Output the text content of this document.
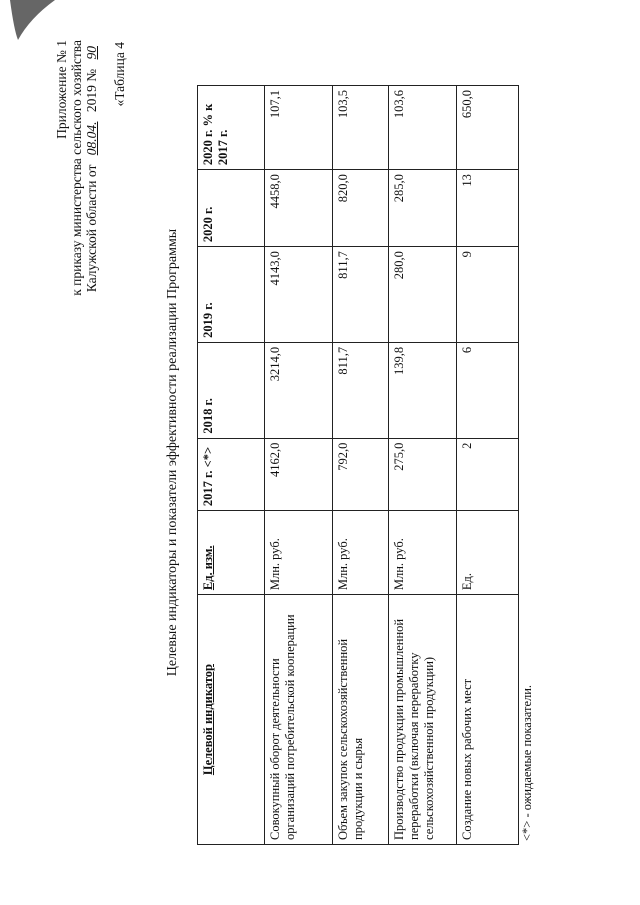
Приложение № 1 к приказу министерства сельского хозяйства Калужской области от 08.04. 2019 № 90 «Таблица 4
Целевые индикаторы и показатели эффективности реализации Программы
Целевой индикатор	Ед. изм.	2017 г. <*>	2018 г.	2019 г.	2020 г.	2020 г. % к 2017 г.
Совокупный оборот деятельности организаций потребительской кооперации	Млн. руб.	4162,0	3214,0	4143,0	4458,0	107,1
Объем закупок сельскохозяйственной продукции и сырья	Млн. руб.	792,0	811,7	811,7	820,0	103,5
Производство продукции промышленной переработки (включая переработку сельскохозяйственной продукции)	Млн. руб.	275,0	139,8	280,0	285,0	103,6
Создание новых рабочих мест	Ед.	2	6	9	13	650,0
<*> - ожидаемые показатели.
